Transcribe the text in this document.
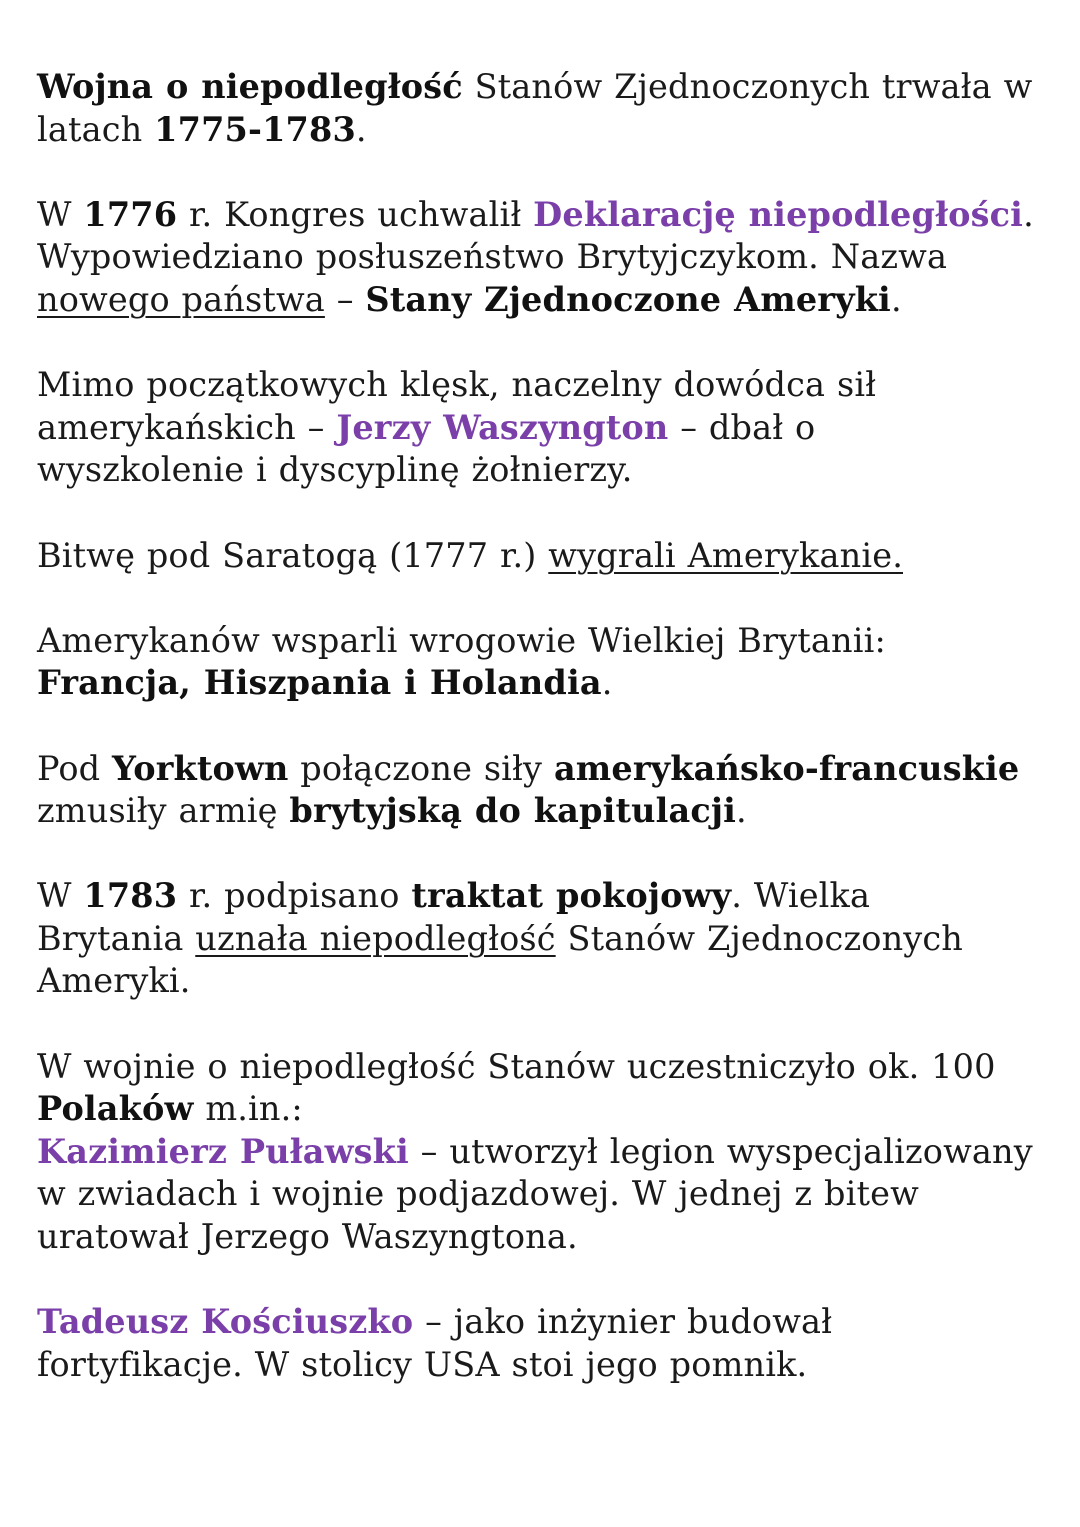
Wojna o niepodległość Stanów Zjednoczonych trwała w

latach 1775-1783.

W 1776 r. Kongres uchwalił Deklarację niepodległości.

Wypowiedziano posłuszeństwo Brytyjczykom. Nazwa

nowego państwa – Stany Zjednoczone Ameryki.

Mimo początkowych klęsk, naczelny dowódca sił

amerykańskich – Jerzy Waszyngton – dbał o

wyszkolenie i dyscyplinę żołnierzy.

Bitwę pod Saratogą (1777 r.) wygrali Amerykanie.

Amerykanów wsparli wrogowie Wielkiej Brytanii:

Francja, Hiszpania i Holandia.

Pod Yorktown połączone siły amerykańsko-francuskie

zmusiły armię brytyjską do kapitulacji.

W 1783 r. podpisano traktat pokojowy. Wielka

Brytania uznała niepodległość Stanów Zjednoczonych

Ameryki.

W wojnie o niepodległość Stanów uczestniczyło ok. 100

Polaków m.in.:

Kazimierz Puławski – utworzył legion wyspecjalizowany

w zwiadach i wojnie podjazdowej. W jednej z bitew

uratował Jerzego Waszyngtona.

Tadeusz Kościuszko – jako inżynier budował

fortyfikacje. W stolicy USA stoi jego pomnik.
